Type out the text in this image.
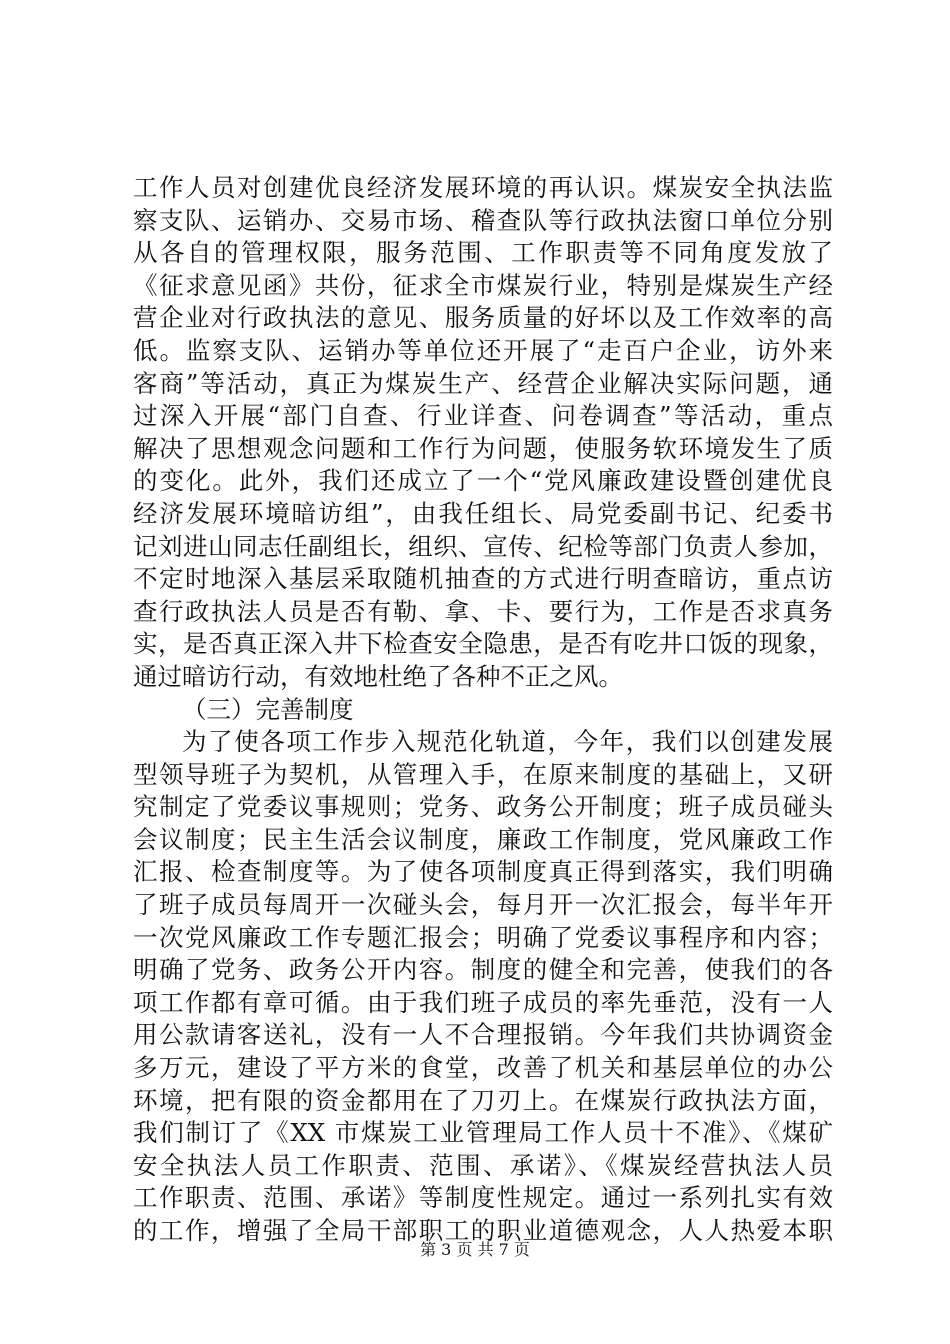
工作人员对创建优良经济发展环境的再认识。煤炭安全执法监
察支队、运销办、交易市场、稽查队等行政执法窗口单位分别
从各自的管理权限，服务范围、工作职责等不同角度发放了
《征求意见函》共份，征求全市煤炭行业，特别是煤炭生产经
营企业对行政执法的意见、服务质量的好坏以及工作效率的高
低。监察支队、运销办等单位还开展了“走百户企业，访外来
客商”等活动，真正为煤炭生产、经营企业解决实际问题，通
过深入开展“部门自查、行业详查、问卷调查”等活动，重点
解决了思想观念问题和工作行为问题，使服务软环境发生了质
的变化。此外，我们还成立了一个“党风廉政建设暨创建优良
经济发展环境暗访组”，由我任组长、局党委副书记、纪委书
记刘进山同志任副组长，组织、宣传、纪检等部门负责人参加，
不定时地深入基层采取随机抽查的方式进行明查暗访，重点访
查行政执法人员是否有勒、拿、卡、要行为，工作是否求真务
实，是否真正深入井下检查安全隐患，是否有吃井口饭的现象，
通过暗访行动，有效地杜绝了各种不正之风。
（三）完善制度
为了使各项工作步入规范化轨道，今年，我们以创建发展
型领导班子为契机，从管理入手，在原来制度的基础上，又研
究制定了党委议事规则；党务、政务公开制度；班子成员碰头
会议制度；民主生活会议制度，廉政工作制度，党风廉政工作
汇报、检查制度等。为了使各项制度真正得到落实，我们明确
了班子成员每周开一次碰头会，每月开一次汇报会，每半年开
一次党风廉政工作专题汇报会；明确了党委议事程序和内容；
明确了党务、政务公开内容。制度的健全和完善，使我们的各
项工作都有章可循。由于我们班子成员的率先垂范，没有一人
用公款请客送礼，没有一人不合理报销。今年我们共协调资金
多万元，建设了平方米的食堂，改善了机关和基层单位的办公
环境，把有限的资金都用在了刀刃上。在煤炭行政执法方面，
我们制订了《XX 市煤炭工业管理局工作人员十不准》、《煤矿
安全执法人员工作职责、范围、承诺》、《煤炭经营执法人员
工作职责、范围、承诺》等制度性规定。通过一系列扎实有效
的工作，增强了全局干部职工的职业道德观念，人人热爱本职
第 3 页 共 7 页
